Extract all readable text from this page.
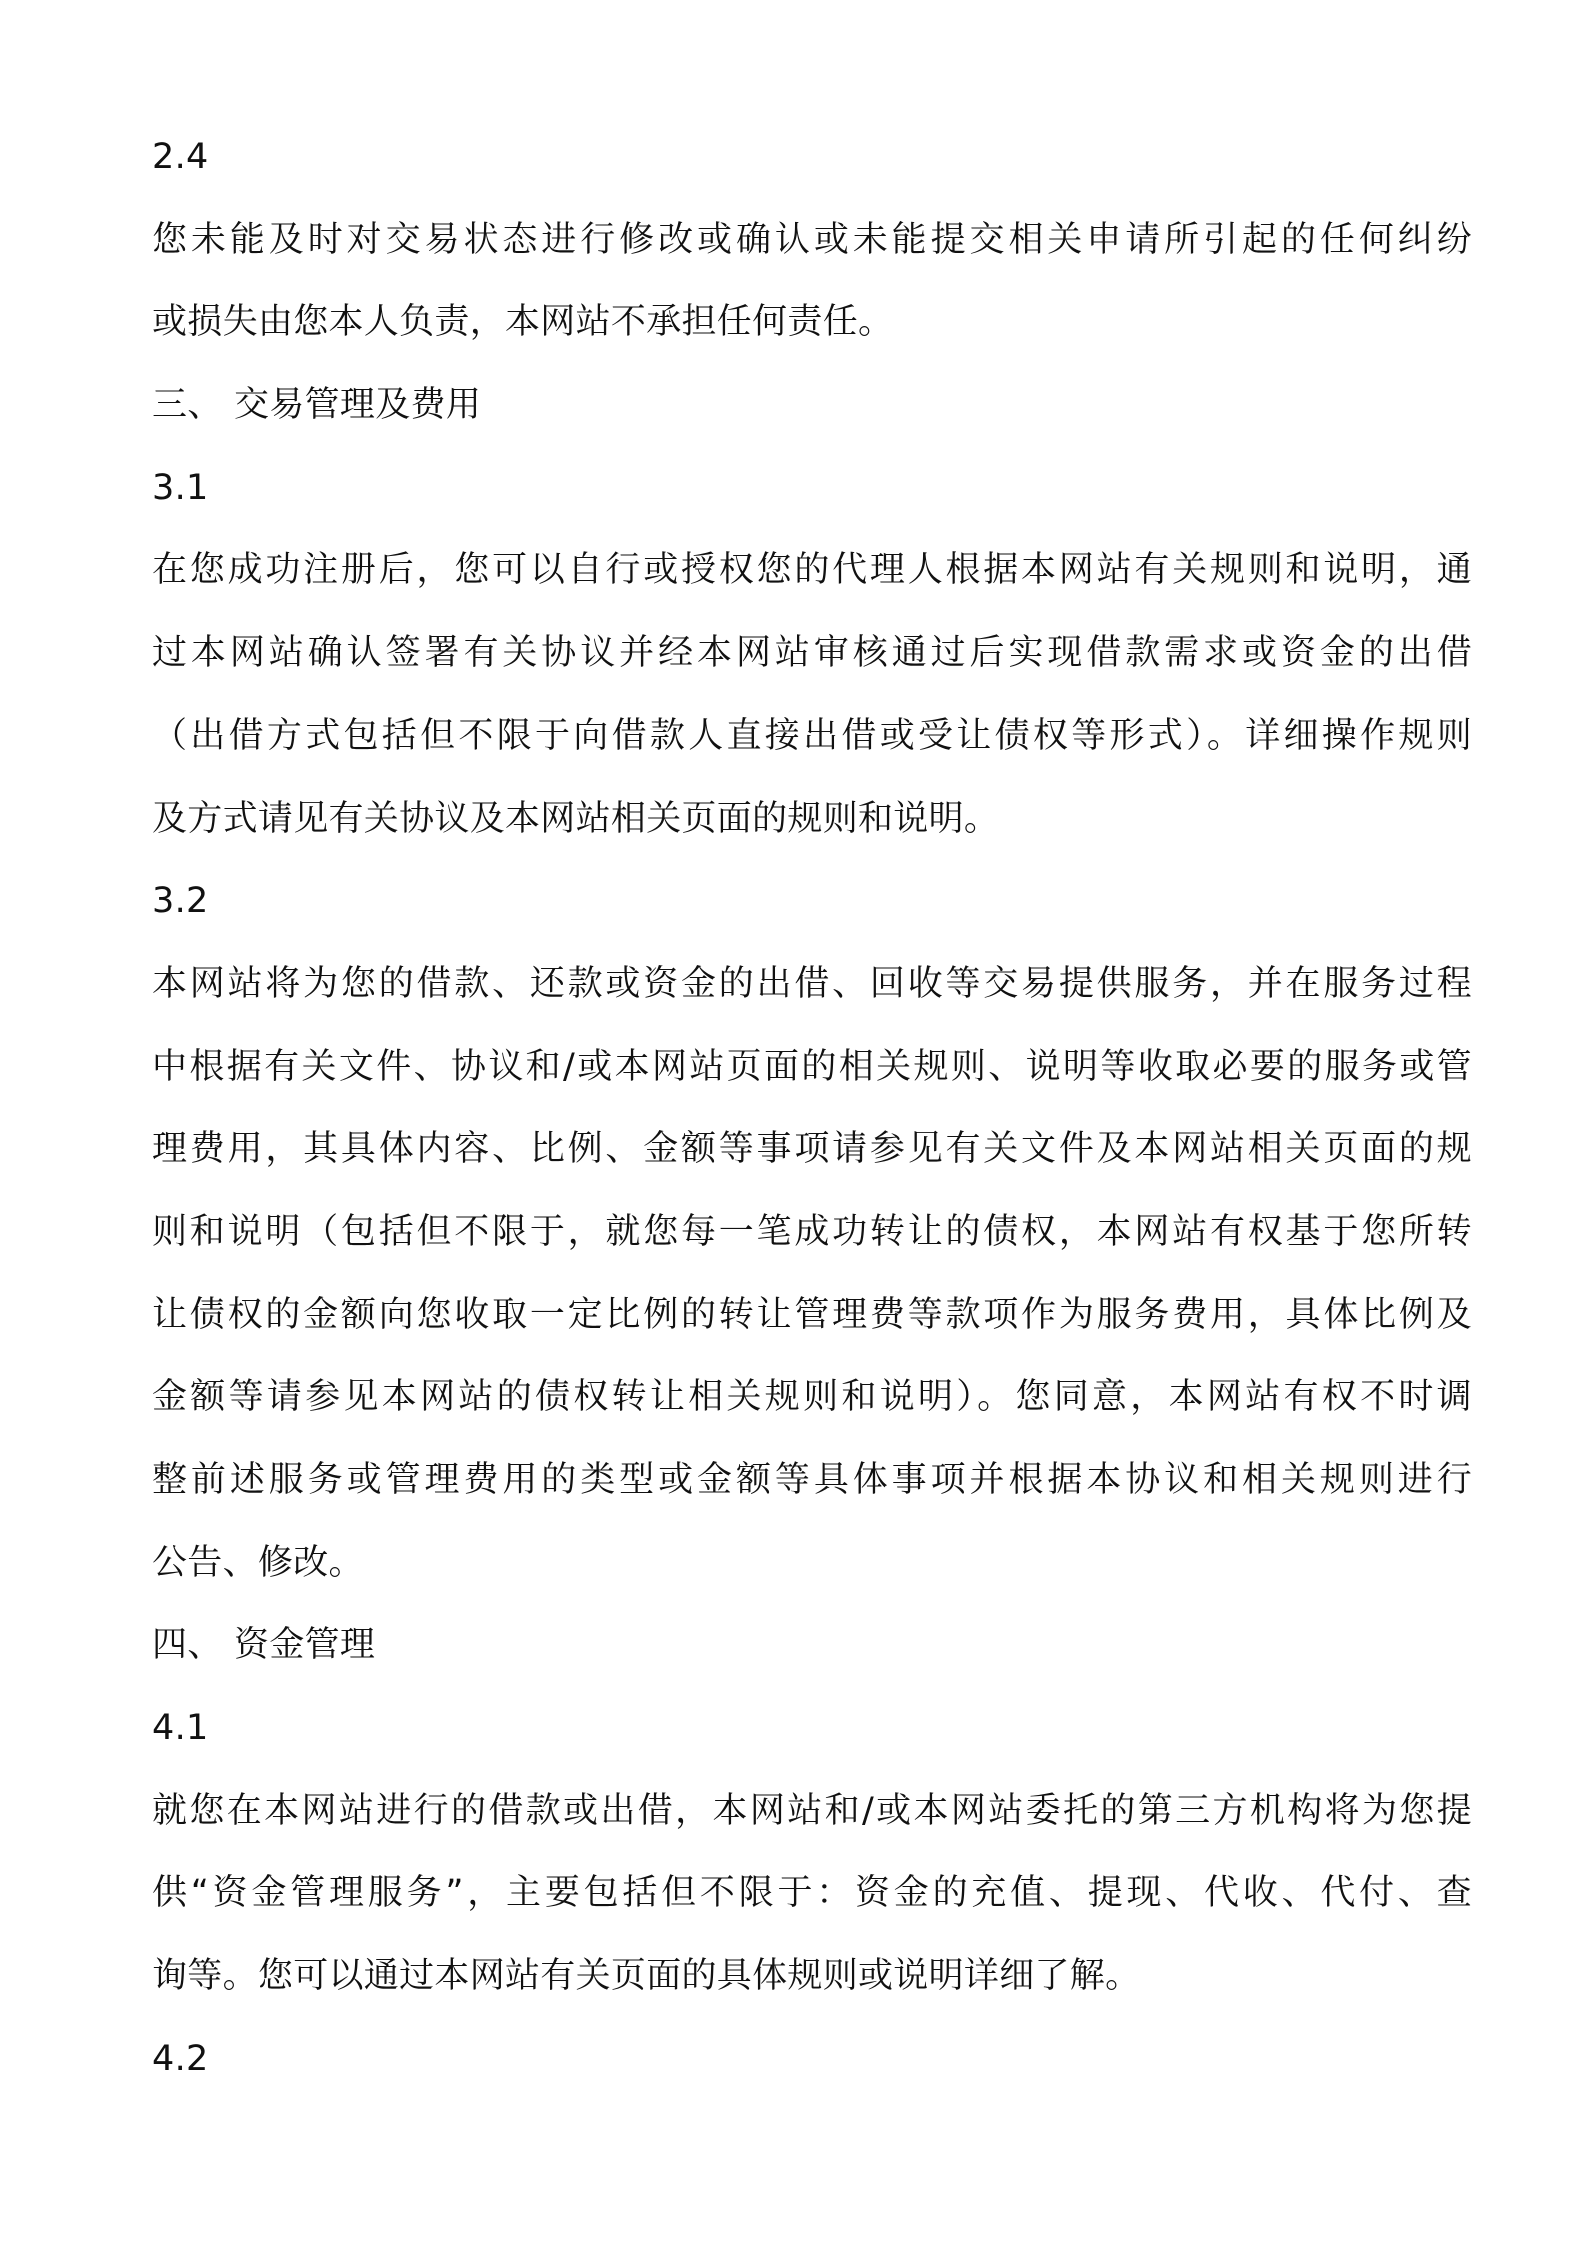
2.4
您未能及时对交易状态进行修改或确认或未能提交相关申请所引起的任何纠纷
或损失由您本人负责，本网站不承担任何责任。
三、 交易管理及费用
3.1
在您成功注册后，您可以自行或授权您的代理人根据本网站有关规则和说明，通
过本网站确认签署有关协议并经本网站审核通过后实现借款需求或资金的出借
（出借方式包括但不限于向借款人直接出借或受让债权等形式）。详细操作规则
及方式请见有关协议及本网站相关页面的规则和说明。
3.2
本网站将为您的借款、还款或资金的出借、回收等交易提供服务，并在服务过程
中根据有关文件、协议和/或本网站页面的相关规则、说明等收取必要的服务或管
理费用，其具体内容、比例、金额等事项请参见有关文件及本网站相关页面的规
则和说明（包括但不限于，就您每一笔成功转让的债权，本网站有权基于您所转
让债权的金额向您收取一定比例的转让管理费等款项作为服务费用，具体比例及
金额等请参见本网站的债权转让相关规则和说明）。您同意，本网站有权不时调
整前述服务或管理费用的类型或金额等具体事项并根据本协议和相关规则进行
公告、修改。
四、 资金管理
4.1
就您在本网站进行的借款或出借，本网站和/或本网站委托的第三方机构将为您提
供“资金管理服务”，主要包括但不限于：资金的充值、提现、代收、代付、查
询等。您可以通过本网站有关页面的具体规则或说明详细了解。
4.2
